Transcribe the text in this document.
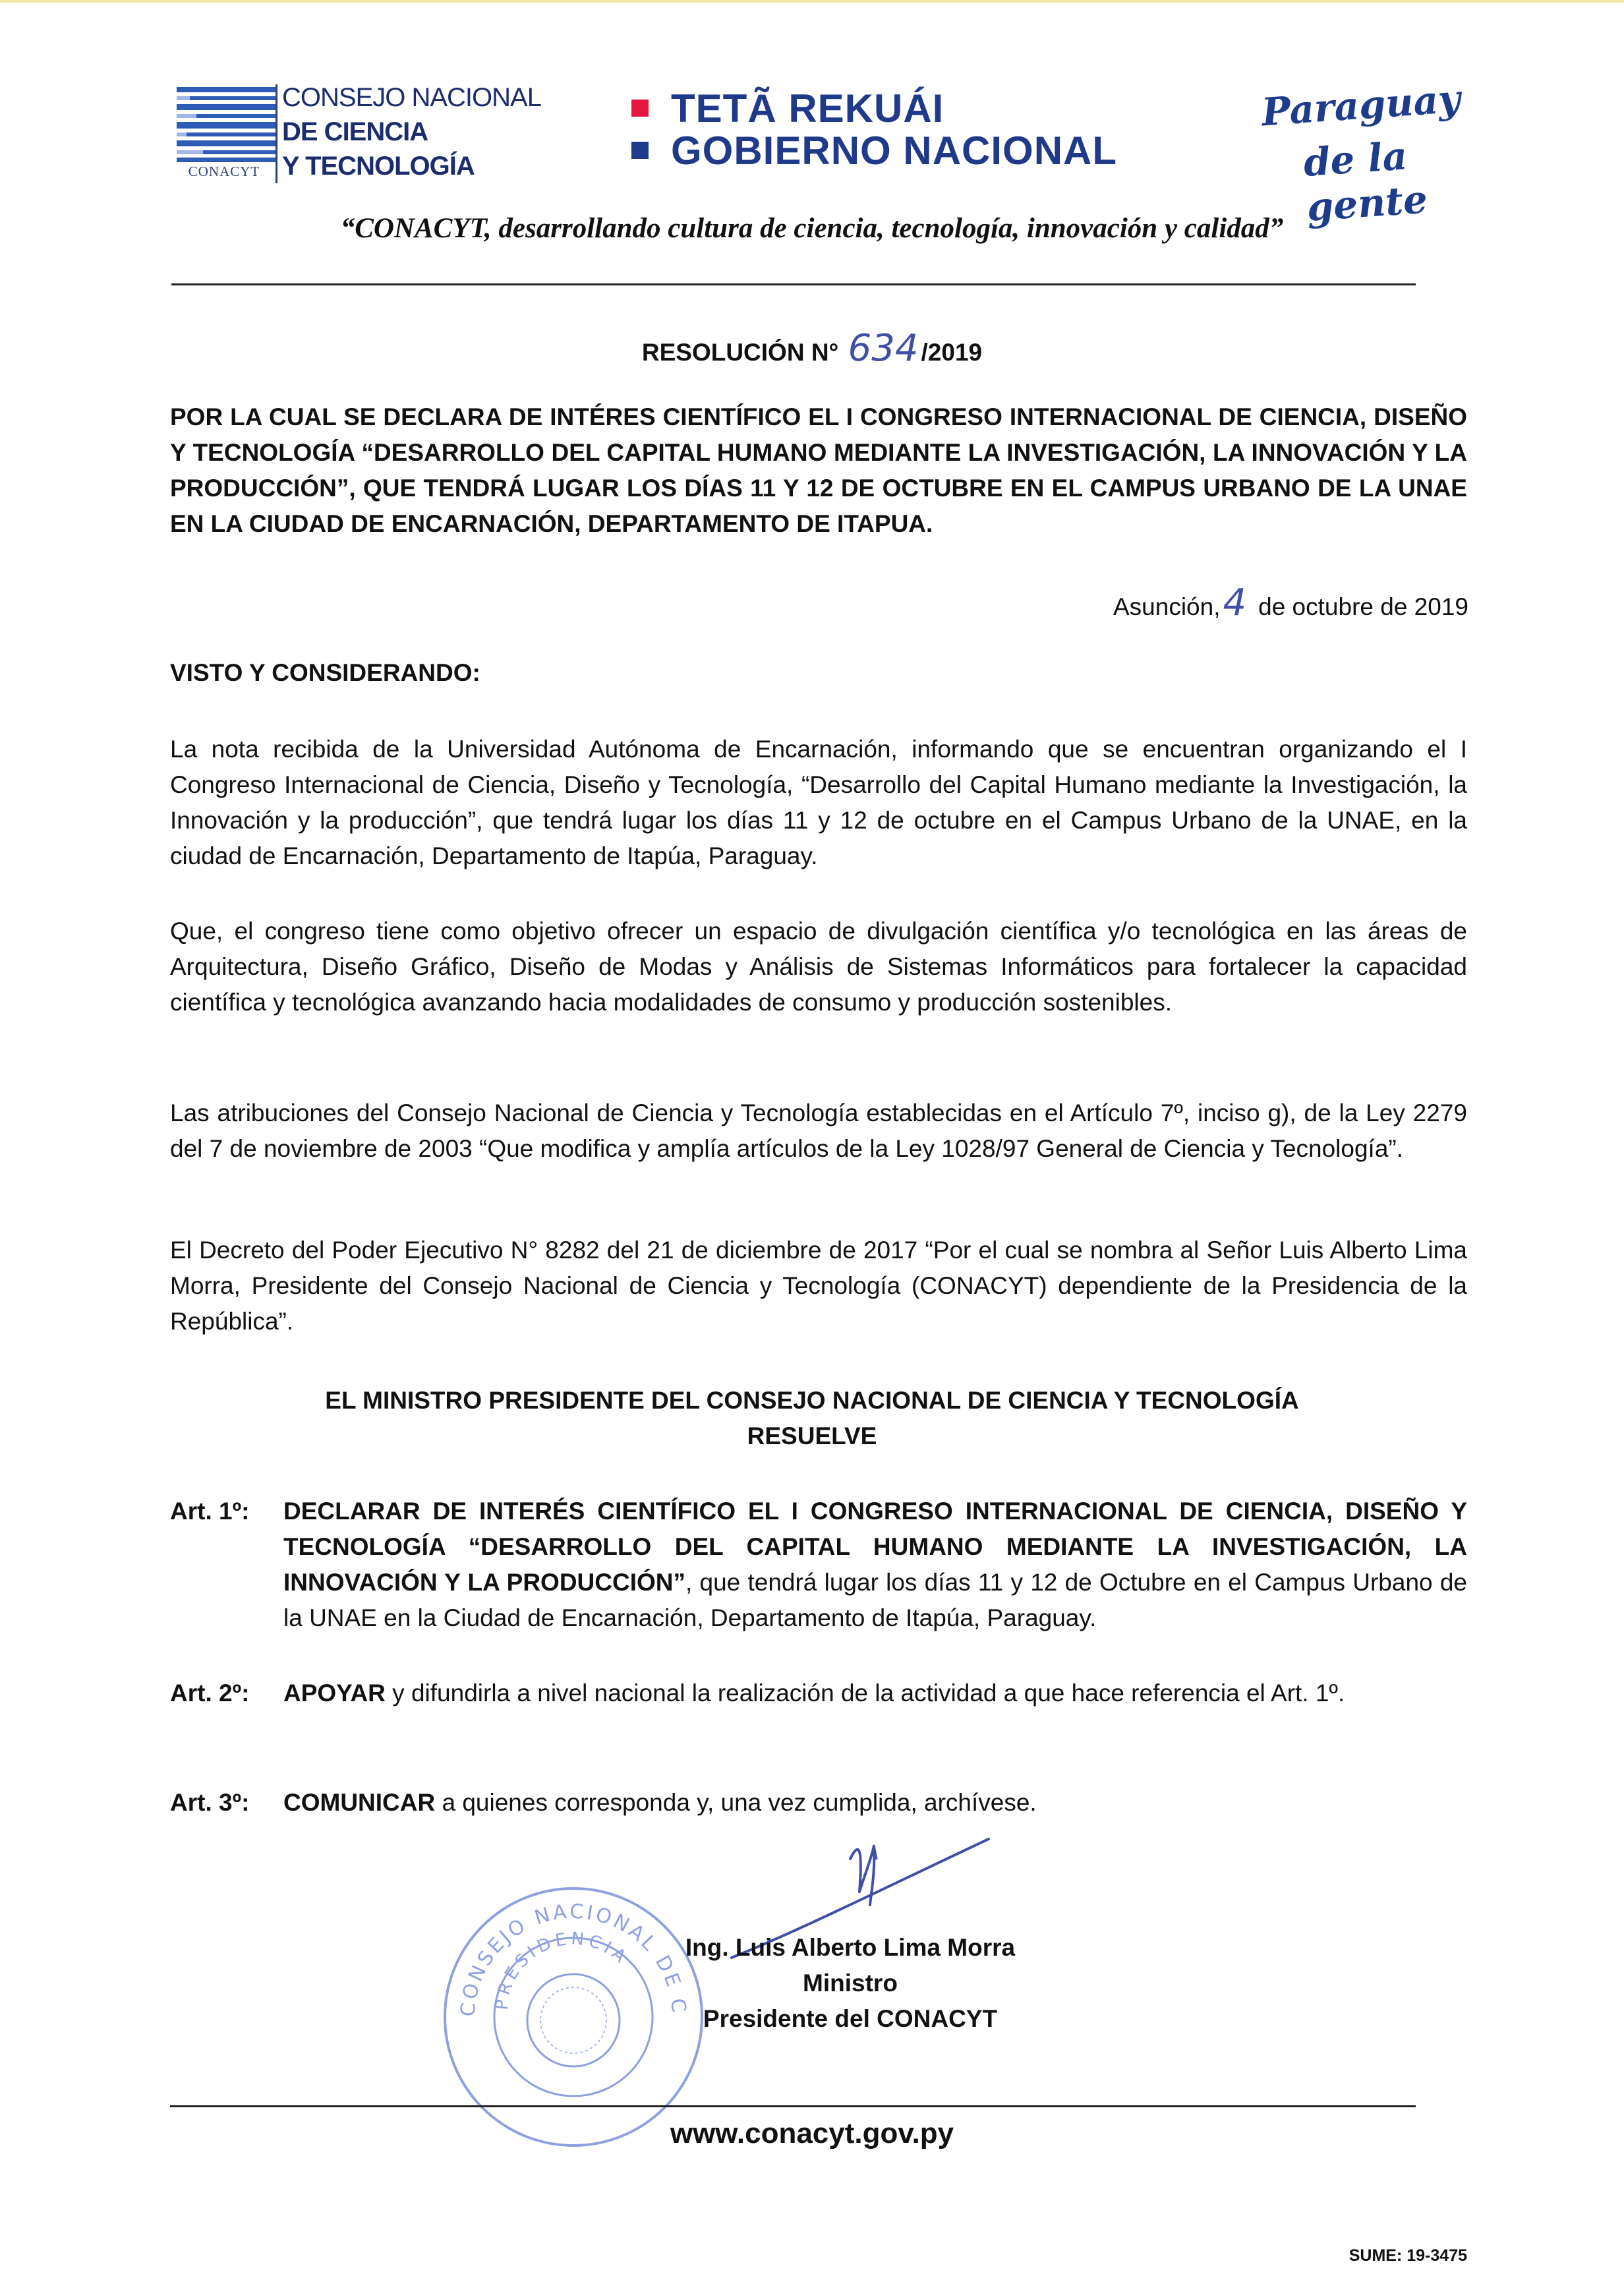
CONACYT
CONSEJO NACIONAL
DE CIENCIA
Y TECNOLOGÍA
TETÃ REKUÁI
GOBIERNO NACIONAL
Paraguay
de la gente
“CONACYT, desarrollando cultura de ciencia, tecnología, innovación y calidad”
RESOLUCIÓN N° 634 /2019
POR LA CUAL SE DECLARA DE INTÉRES CIENTÍFICO EL I CONGRESO INTERNACIONAL DE CIENCIA, DISEÑO Y TECNOLOGÍA “DESARROLLO DEL CAPITAL HUMANO MEDIANTE LA INVESTIGACIÓN, LA INNOVACIÓN Y LA PRODUCCIÓN”, QUE TENDRÁ LUGAR LOS DÍAS 11 Y 12 DE OCTUBRE EN EL CAMPUS URBANO DE LA UNAE EN LA CIUDAD DE ENCARNACIÓN, DEPARTAMENTO DE ITAPUA.
Asunción,4 de octubre de 2019
VISTO Y CONSIDERANDO:
La nota recibida de la Universidad Autónoma de Encarnación, informando que se encuentran organizando el I Congreso Internacional de Ciencia, Diseño y Tecnología, “Desarrollo del Capital Humano mediante la Investigación, la Innovación y la producción”, que tendrá lugar los días 11 y 12 de octubre en el Campus Urbano de la UNAE, en la ciudad de Encarnación, Departamento de Itapúa, Paraguay.
Que, el congreso tiene como objetivo ofrecer un espacio de divulgación científica y/o tecnológica en las áreas de Arquitectura, Diseño Gráfico, Diseño de Modas y Análisis de Sistemas Informáticos para fortalecer la capacidad científica y tecnológica avanzando hacia modalidades de consumo y producción sostenibles.
Las atribuciones del Consejo Nacional de Ciencia y Tecnología establecidas en el Artículo 7º, inciso g), de la Ley 2279 del 7 de noviembre de 2003 “Que modifica y amplía artículos de la Ley 1028/97 General de Ciencia y Tecnología”.
El Decreto del Poder Ejecutivo N° 8282 del 21 de diciembre de 2017 “Por el cual se nombra al Señor Luis Alberto Lima Morra, Presidente del Consejo Nacional de Ciencia y Tecnología (CONACYT) dependiente de la Presidencia de la República”.
EL MINISTRO PRESIDENTE DEL CONSEJO NACIONAL DE CIENCIA Y TECNOLOGÍA
RESUELVE
Art. 1º: DECLARAR DE INTERÉS CIENTÍFICO EL I CONGRESO INTERNACIONAL DE CIENCIA, DISEÑO Y TECNOLOGÍA “DESARROLLO DEL CAPITAL HUMANO MEDIANTE LA INVESTIGACIÓN, LA INNOVACIÓN Y LA PRODUCCIÓN”, que tendrá lugar los días 11 y 12 de Octubre en el Campus Urbano de la UNAE en la Ciudad de Encarnación, Departamento de Itapúa, Paraguay.
Art. 2º: APOYAR y difundirla a nivel nacional la realización de la actividad a que hace referencia el Art. 1º.
Art. 3º: COMUNICAR a quienes corresponda y, una vez cumplida, archívese.
CONSEJO NACIONAL DE C
PRESIDENCIA	Ing. Luis Alberto Lima Morra
Ministro
Presidente del CONACYT
www.conacyt.gov.py
SUME: 19-3475
